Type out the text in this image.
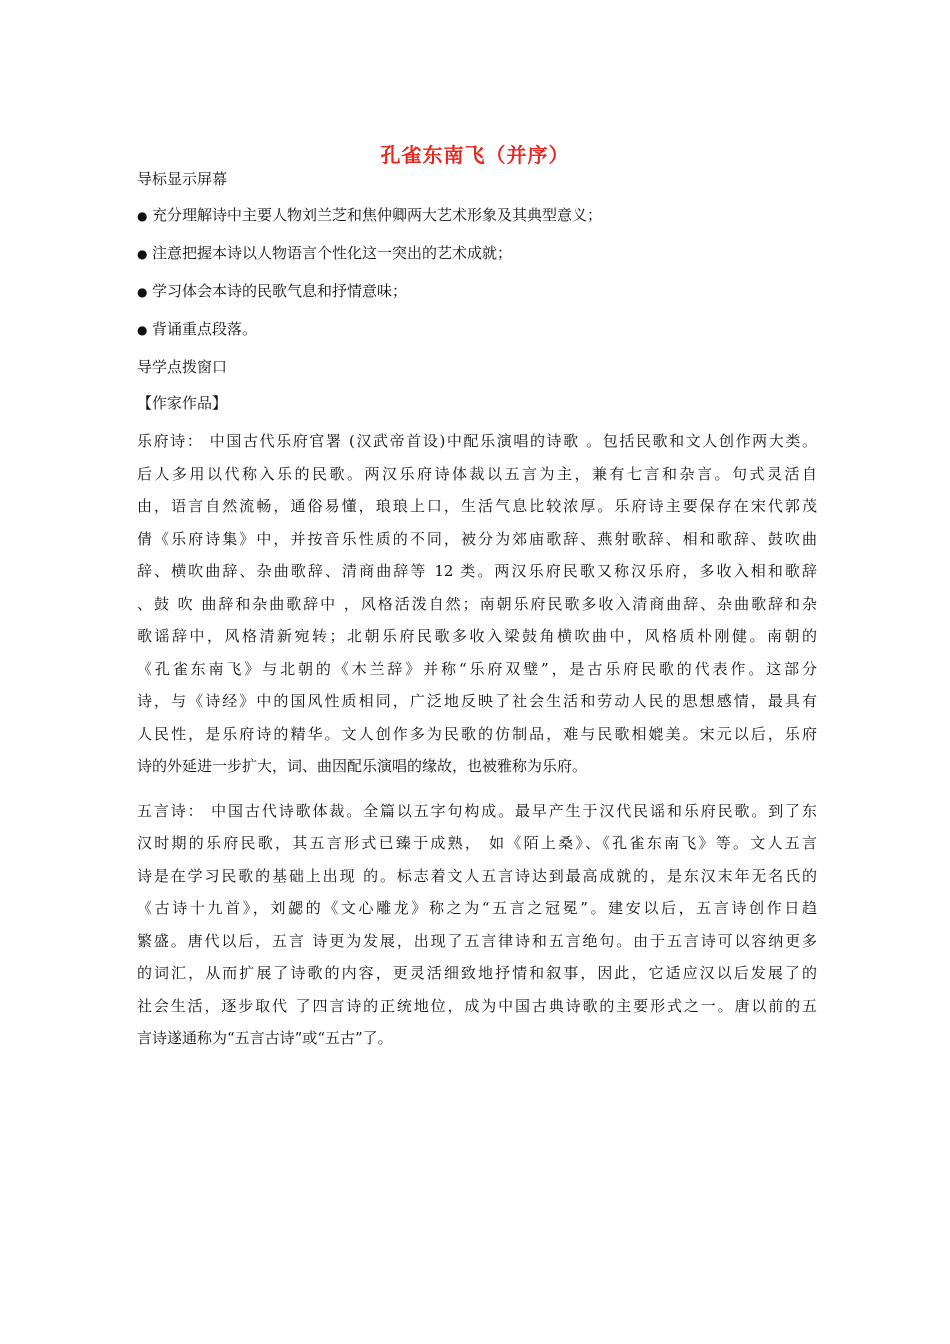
孔雀东南飞（并序）
导标显示屏幕
● 充分理解诗中主要人物刘兰芝和焦仲卿两大艺术形象及其典型意义；
● 注意把握本诗以人物语言个性化这一突出的艺术成就；
● 学习体会本诗的民歌气息和抒情意味；
● 背诵重点段落。
导学点拨窗口
【作家作品】
乐府诗： 中国古代乐府官署 (汉武帝首设)中配乐演唱的诗歌 。包括民歌和文人创作两大类。
后人多用以代称入乐的民歌。两汉乐府诗体裁以五言为主，兼有七言和杂言。句式灵活自
由，语言自然流畅，通俗易懂，琅琅上口，生活气息比较浓厚。乐府诗主要保存在宋代郭茂
倩《乐府诗集》中，并按音乐性质的不同，被分为郊庙歌辞、燕射歌辞、相和歌辞、鼓吹曲
辞、横吹曲辞、杂曲歌辞、清商曲辞等 12 类。两汉乐府民歌又称汉乐府，多收入相和歌辞
、鼓 吹 曲辞和杂曲歌辞中 ，风格活泼自然；南朝乐府民歌多收入清商曲辞、杂曲歌辞和杂
歌谣辞中，风格清新宛转；北朝乐府民歌多收入梁鼓角横吹曲中，风格质朴刚健。南朝的
《孔雀东南飞》与北朝的《木兰辞》并称“乐府双璧”，是古乐府民歌的代表作。这部分
诗，与《诗经》中的国风性质相同，广泛地反映了社会生活和劳动人民的思想感情，最具有
人民性，是乐府诗的精华。文人创作多为民歌的仿制品，难与民歌相媲美。宋元以后，乐府
诗的外延进一步扩大，词、曲因配乐演唱的缘故，也被雅称为乐府。
五言诗： 中国古代诗歌体裁。全篇以五字句构成。最早产生于汉代民谣和乐府民歌。到了东
汉时期的乐府民歌，其五言形式已臻于成熟， 如《陌上桑》、《孔雀东南飞》等。文人五言
诗是在学习民歌的基础上出现 的。标志着文人五言诗达到最高成就的，是东汉末年无名氏的
《古诗十九首》，刘勰的《文心雕龙》称之为“五言之冠冕”。建安以后，五言诗创作日趋
繁盛。唐代以后，五言 诗更为发展，出现了五言律诗和五言绝句。由于五言诗可以容纳更多
的词汇，从而扩展了诗歌的内容，更灵活细致地抒情和叙事，因此，它适应汉以后发展了的
社会生活，逐步取代 了四言诗的正统地位，成为中国古典诗歌的主要形式之一。唐以前的五
言诗遂通称为“五言古诗”或“五古”了。
